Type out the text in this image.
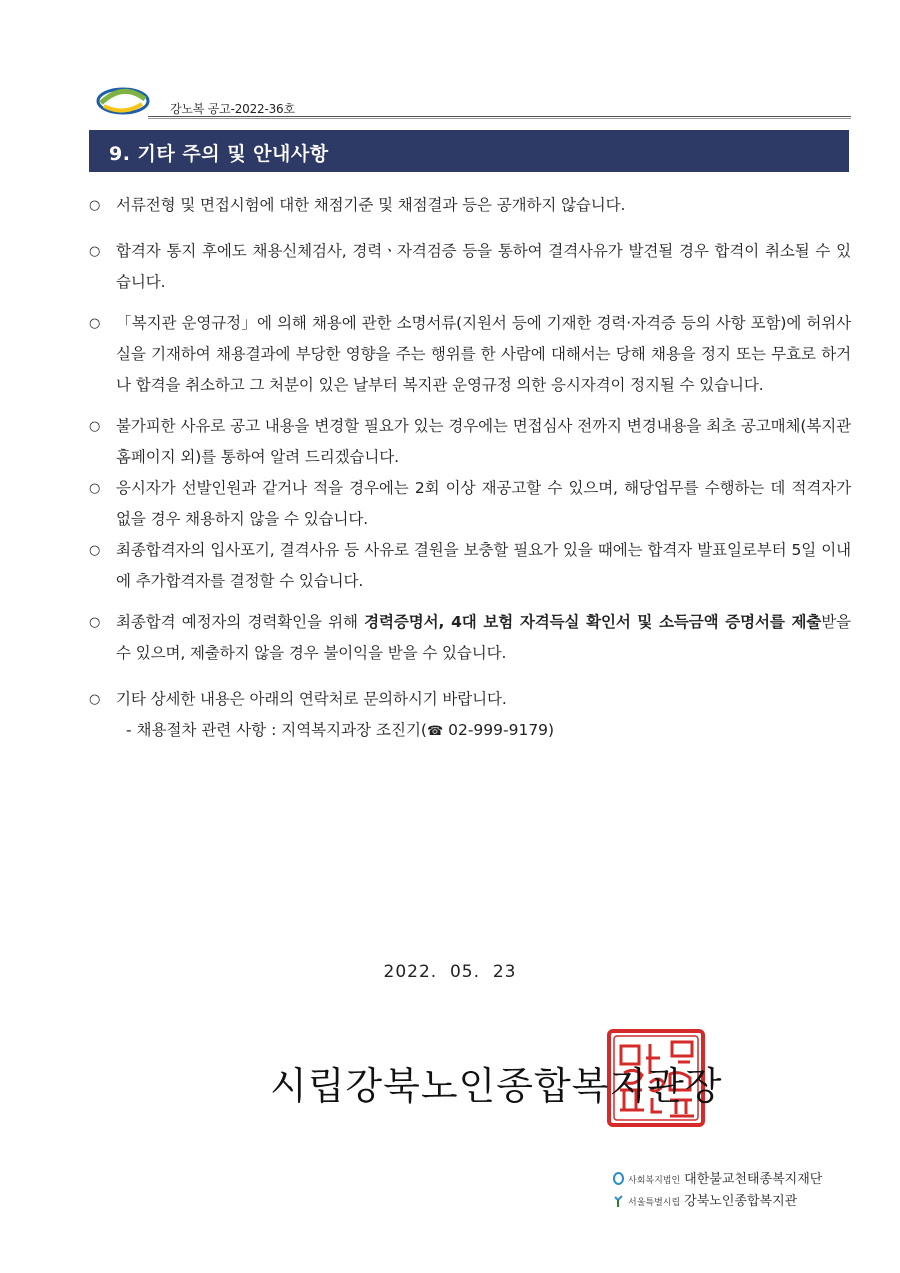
강노복 공고-2022-36호
9. 기타 주의 및 안내사항
○ 서류전형 및 면접시험에 대한 채점기준 및 채점결과 등은 공개하지 않습니다.
○ 합격자 통지 후에도 채용신체검사, 경력ㆍ자격검증 등을 통하여 결격사유가 발견될 경우 합격이 취소될 수 있습니다.
○ 「복지관 운영규정」에 의해 채용에 관한 소명서류(지원서 등에 기재한 경력·자격증 등의 사항 포함)에 허위사실을 기재하여 채용결과에 부당한 영향을 주는 행위를 한 사람에 대해서는 당해 채용을 정지 또는 무효로 하거나 합격을 취소하고 그 처분이 있은 날부터 복지관 운영규정 의한 응시자격이 정지될 수 있습니다.
○ 불가피한 사유로 공고 내용을 변경할 필요가 있는 경우에는 면접심사 전까지 변경내용을 최초 공고매체(복지관 홈페이지 외)를 통하여 알려 드리겠습니다.
○ 응시자가 선발인원과 같거나 적을 경우에는 2회 이상 재공고할 수 있으며, 해당업무를 수행하는 데 적격자가 없을 경우 채용하지 않을 수 있습니다.
○ 최종합격자의 입사포기, 결격사유 등 사유로 결원을 보충할 필요가 있을 때에는 합격자 발표일로부터 5일 이내에 추가합격자를 결정할 수 있습니다.
○ 최종합격 예정자의 경력확인을 위해 경력증명서, 4대 보험 자격득실 확인서 및 소득금액 증명서를 제출받을 수 있으며, 제출하지 않을 경우 불이익을 받을 수 있습니다.
○ 기타 상세한 내용은 아래의 연락처로 문의하시기 바랍니다.
- 채용절차 관련 사항 : 지역복지과장 조진기(☎ 02-999-9179)
2022.  05.  23
시립강북노인종합복지관장
사회복지법인 대한불교천태종복지재단
서울특별시립 강북노인종합복지관
